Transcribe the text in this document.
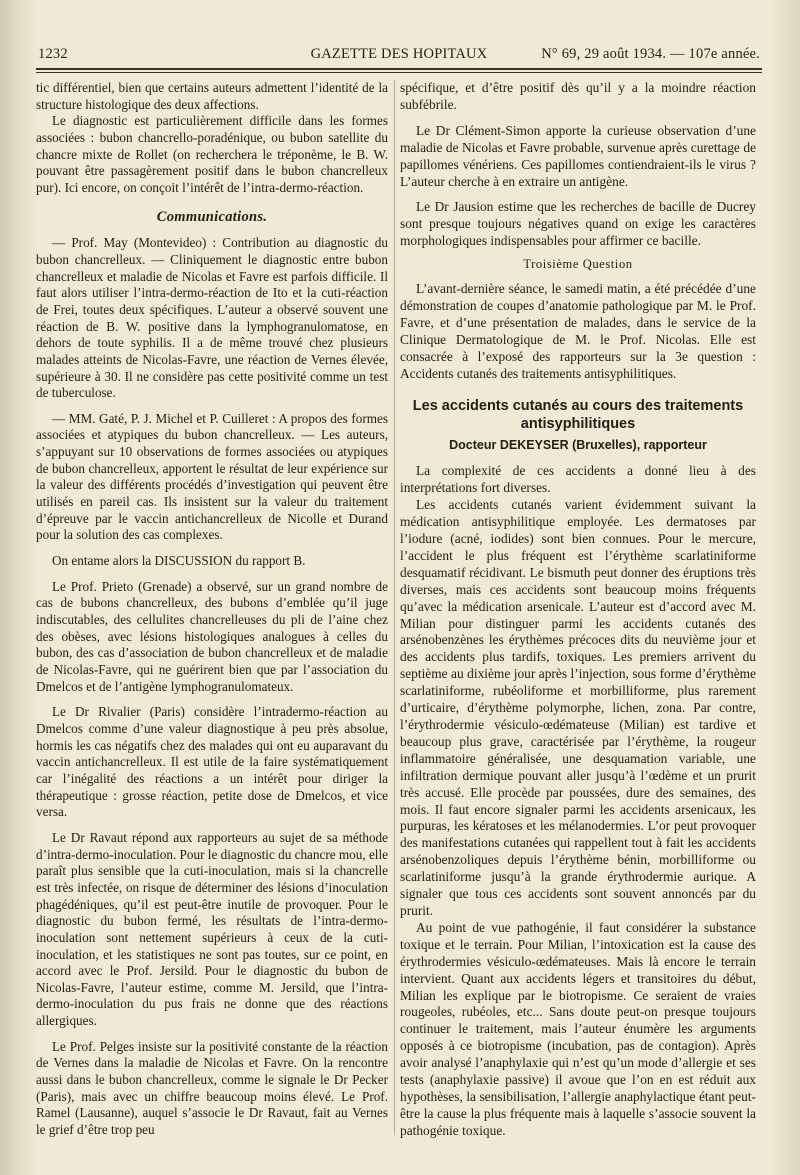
1232	GAZETTE DES HOPITAUX	N° 69, 29 août 1934. — 107e année.

tic différentiel, bien que certains auteurs admettent l’identité de la structure histologique des deux affections.

Le diagnostic est particulièrement difficile dans les formes associées : bubon chancrello-poradénique, ou bubon satellite du chancre mixte de Rollet (on recherchera le tréponème, le B. W. pouvant être passagèrement positif dans le bubon chancrelleux pur). Ici encore, on conçoit l’intérêt de l’intra-dermo-réaction.

Communications.

— Prof. May (Montevideo) : Contribution au diagnostic du bubon chancrelleux. — Cliniquement le diagnostic entre bubon chancrelleux et maladie de Nicolas et Favre est parfois difficile. Il faut alors utiliser l’intra-dermo-réaction de Ito et la cuti-réaction de Frei, toutes deux spécifiques. L’auteur a observé souvent une réaction de B. W. positive dans la lymphogranulomatose, en dehors de toute syphilis. Il a de même trouvé chez plusieurs malades atteints de Nicolas-Favre, une réaction de Vernes élevée, supérieure à 30. Il ne considère pas cette positivité comme un test de tuberculose.

— MM. Gaté, P. J. Michel et P. Cuilleret : A propos des formes associées et atypiques du bubon chancrelleux. — Les auteurs, s’appuyant sur 10 observations de formes associées ou atypiques de bubon chancrelleux, apportent le résultat de leur expérience sur la valeur des différents procédés d’investigation qui peuvent être utilisés en pareil cas. Ils insistent sur la valeur du traitement d’épreuve par le vaccin antichancrelleux de Nicolle et Durand pour la solution des cas complexes.

On entame alors la DISCUSSION du rapport B.

Le Prof. Prieto (Grenade) a observé, sur un grand nombre de cas de bubons chancrelleux, des bubons d’emblée qu’il juge indiscutables, des cellulites chancrelleuses du pli de l’aine chez des obèses, avec lésions histologiques analogues à celles du bubon, des cas d’association de bubon chancrelleux et de maladie de Nicolas-Favre, qui ne guérirent bien que par l’association du Dmelcos et de l’antigène lymphogranulomateux.

Le Dr Rivalier (Paris) considère l’intradermo-réaction au Dmelcos comme d’une valeur diagnostique à peu près absolue, hormis les cas négatifs chez des malades qui ont eu auparavant du vaccin antichancrelleux. Il est utile de la faire systématiquement car l’inégalité des réactions a un intérêt pour diriger la thérapeutique : grosse réaction, petite dose de Dmelcos, et vice versa.

Le Dr Ravaut répond aux rapporteurs au sujet de sa méthode d’intra-dermo-inoculation. Pour le diagnostic du chancre mou, elle paraît plus sensible que la cuti-inoculation, mais si la chancrelle est très infectée, on risque de déterminer des lésions d’inoculation phagédéniques, qu’il est peut-être inutile de provoquer. Pour le diagnostic du bubon fermé, les résultats de l’intra-dermo-inoculation sont nettement supérieurs à ceux de la cuti-inoculation, et les statistiques ne sont pas toutes, sur ce point, en accord avec le Prof. Jersild. Pour le diagnostic du bubon de Nicolas-Favre, l’auteur estime, comme M. Jersild, que l’intra-dermo-inoculation du pus frais ne donne que des réactions allergiques.

Le Prof. Pelges insiste sur la positivité constante de la réaction de Vernes dans la maladie de Nicolas et Favre. On la rencontre aussi dans le bubon chancrelleux, comme le signale le Dr Pecker (Paris), mais avec un chiffre beaucoup moins élevé. Le Prof. Ramel (Lausanne), auquel s’associe le Dr Ravaut, fait au Vernes le grief d’être trop peu

spécifique, et d’être positif dès qu’il y a la moindre réaction subfébrile.

Le Dr Clément-Simon apporte la curieuse observation d’une maladie de Nicolas et Favre probable, survenue après curettage de papillomes vénériens. Ces papillomes contiendraient-ils le virus ? L’auteur cherche à en extraire un antigène.

Le Dr Jausion estime que les recherches de bacille de Ducrey sont presque toujours négatives quand on exige les caractères morphologiques indispensables pour affirmer ce bacille.

Troisième Question

L’avant-dernière séance, le samedi matin, a été précédée d’une démonstration de coupes d’anatomie pathologique par M. le Prof. Favre, et d’une présentation de malades, dans le service de la Clinique Dermatologique de M. le Prof. Nicolas. Elle est consacrée à l’exposé des rapporteurs sur la 3e question : Accidents cutanés des traitements antisyphilitiques.

Les accidents cutanés au cours des traitements antisyphilitiques
Docteur DEKEYSER (Bruxelles), rapporteur

La complexité de ces accidents a donné lieu à des interprétations fort diverses.

Les accidents cutanés varient évidemment suivant la médication antisyphilitique employée. Les dermatoses par l’iodure (acné, iodides) sont bien connues. Pour le mercure, l’accident le plus fréquent est l’érythème scarlatiniforme desquamatif récidivant. Le bismuth peut donner des éruptions très diverses, mais ces accidents sont beaucoup moins fréquents qu’avec la médication arsenicale. L’auteur est d’accord avec M. Milian pour distinguer parmi les accidents cutanés des arsénobenzènes les érythèmes précoces dits du neuvième jour et des accidents plus tardifs, toxiques. Les premiers arrivent du septième au dixième jour après l’injection, sous forme d’érythème scarlatiniforme, rubéoliforme et morbilliforme, plus rarement d’urticaire, d’érythème polymorphe, lichen, zona. Par contre, l’érythrodermie vésiculo-œdémateuse (Milian) est tardive et beaucoup plus grave, caractérisée par l’érythème, la rougeur inflammatoire généralisée, une desquamation variable, une infiltration dermique pouvant aller jusqu’à l’œdème et un prurit très accusé. Elle procède par poussées, dure des semaines, des mois. Il faut encore signaler parmi les accidents arsenicaux, les purpuras, les kératoses et les mélanodermies. L’or peut provoquer des manifestations cutanées qui rappellent tout à fait les accidents arsénobenzoliques depuis l’érythème bénin, morbilliforme ou scarlatiniforme jusqu’à la grande érythrodermie aurique. A signaler que tous ces accidents sont souvent annoncés par du prurit.

Au point de vue pathogénie, il faut considérer la substance toxique et le terrain. Pour Milian, l’intoxication est la cause des érythrodermies vésiculo-œdémateuses. Mais là encore le terrain intervient. Quant aux accidents légers et transitoires du début, Milian les explique par le biotropisme. Ce seraient de vraies rougeoles, rubéoles, etc... Sans doute peut-on presque toujours continuer le traitement, mais l’auteur énumère les arguments opposés à ce biotropisme (incubation, pas de contagion). Après avoir analysé l’anaphylaxie qui n’est qu’un mode d’allergie et ses tests (anaphylaxie passive) il avoue que l’on en est réduit aux hypothèses, la sensibilisation, l’allergie anaphylactique étant peut-être la cause la plus fréquente mais à laquelle s’associe souvent la pathogénie toxique.
